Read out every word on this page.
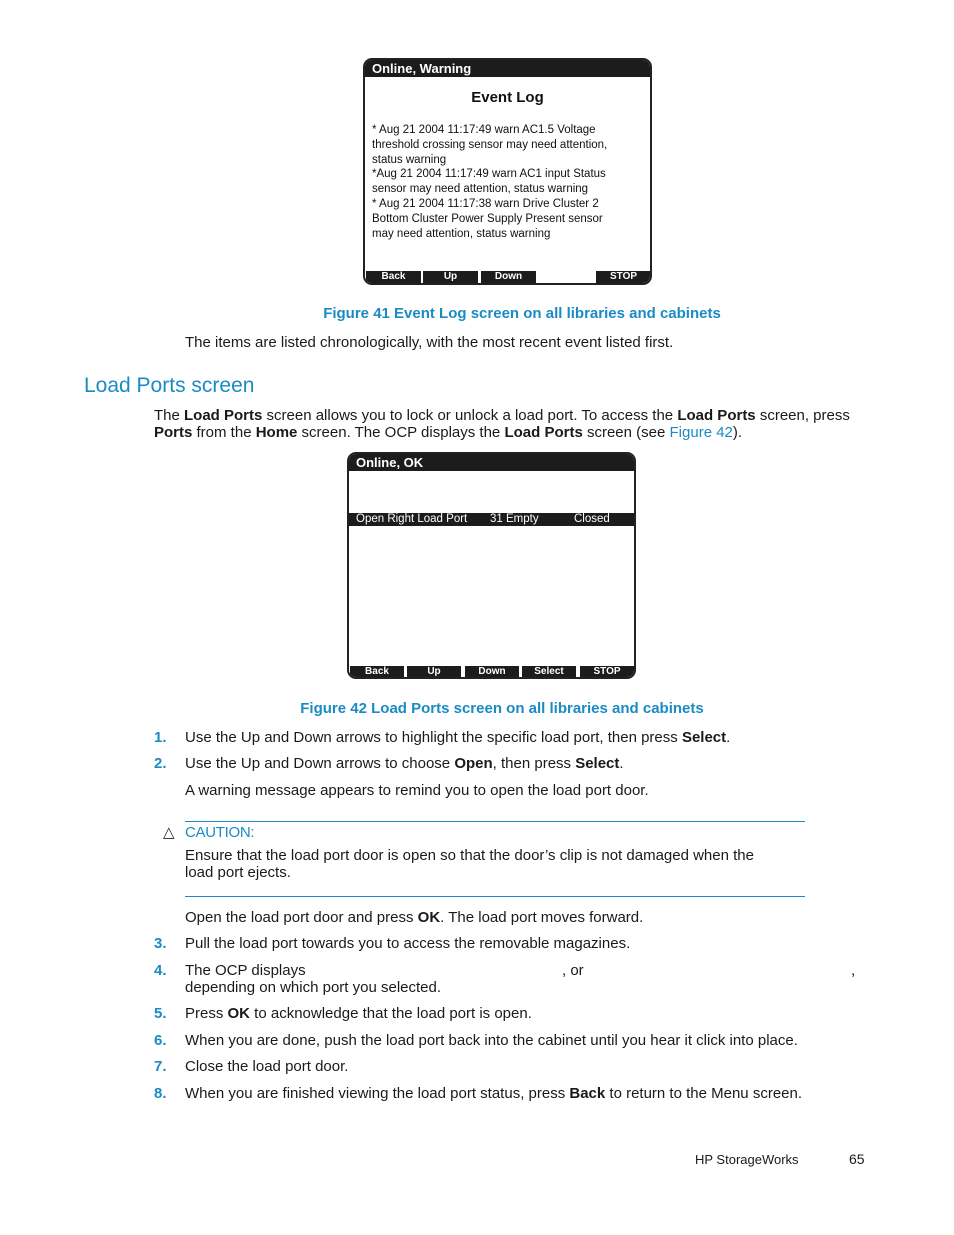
Online, Warning
Event Log
* Aug 21 2004 11:17:49 warn AC1.5 Voltage
threshold crossing sensor may need attention,
status warning
*Aug 21 2004 11:17:49 warn AC1 input Status
sensor may need attention, status warning
* Aug 21 2004 11:17:38 warn Drive Cluster 2
Bottom Cluster Power Supply Present sensor
may need attention, status warning
Back	Up	Down	STOP
Figure 41 Event Log screen on all libraries and cabinets
The items are listed chronologically, with the most recent event listed first.
Load Ports screen
The Load Ports screen allows you to lock or unlock a load port. To access the Load Ports screen, press
Ports from the Home screen. The OCP displays the Load Ports screen (see Figure 42).
Online, OK
Open Right Load Port 31 Empty	Closed
Back	Up	Down	Select	STOP
Figure 42 Load Ports screen on all libraries and cabinets
1. Use the Up and Down arrows to highlight the specific load port, then press Select.
2. Use the Up and Down arrows to choose Open, then press Select.
A warning message appears to remind you to open the load port door.
△ CAUTION:
Ensure that the load port door is open so that the door’s clip is not damaged when the
load port ejects.
Open the load port door and press OK. The load port moves forward.
3. Pull the load port towards you to access the removable magazines.
4. The OCP displays	, or	,
depending on which port you selected.
5. Press OK to acknowledge that the load port is open.
6. When you are done, push the load port back into the cabinet until you hear it click into place.
7. Close the load port door.
8. When you are finished viewing the load port status, press Back to return to the Menu screen.
HP StorageWorks	65
